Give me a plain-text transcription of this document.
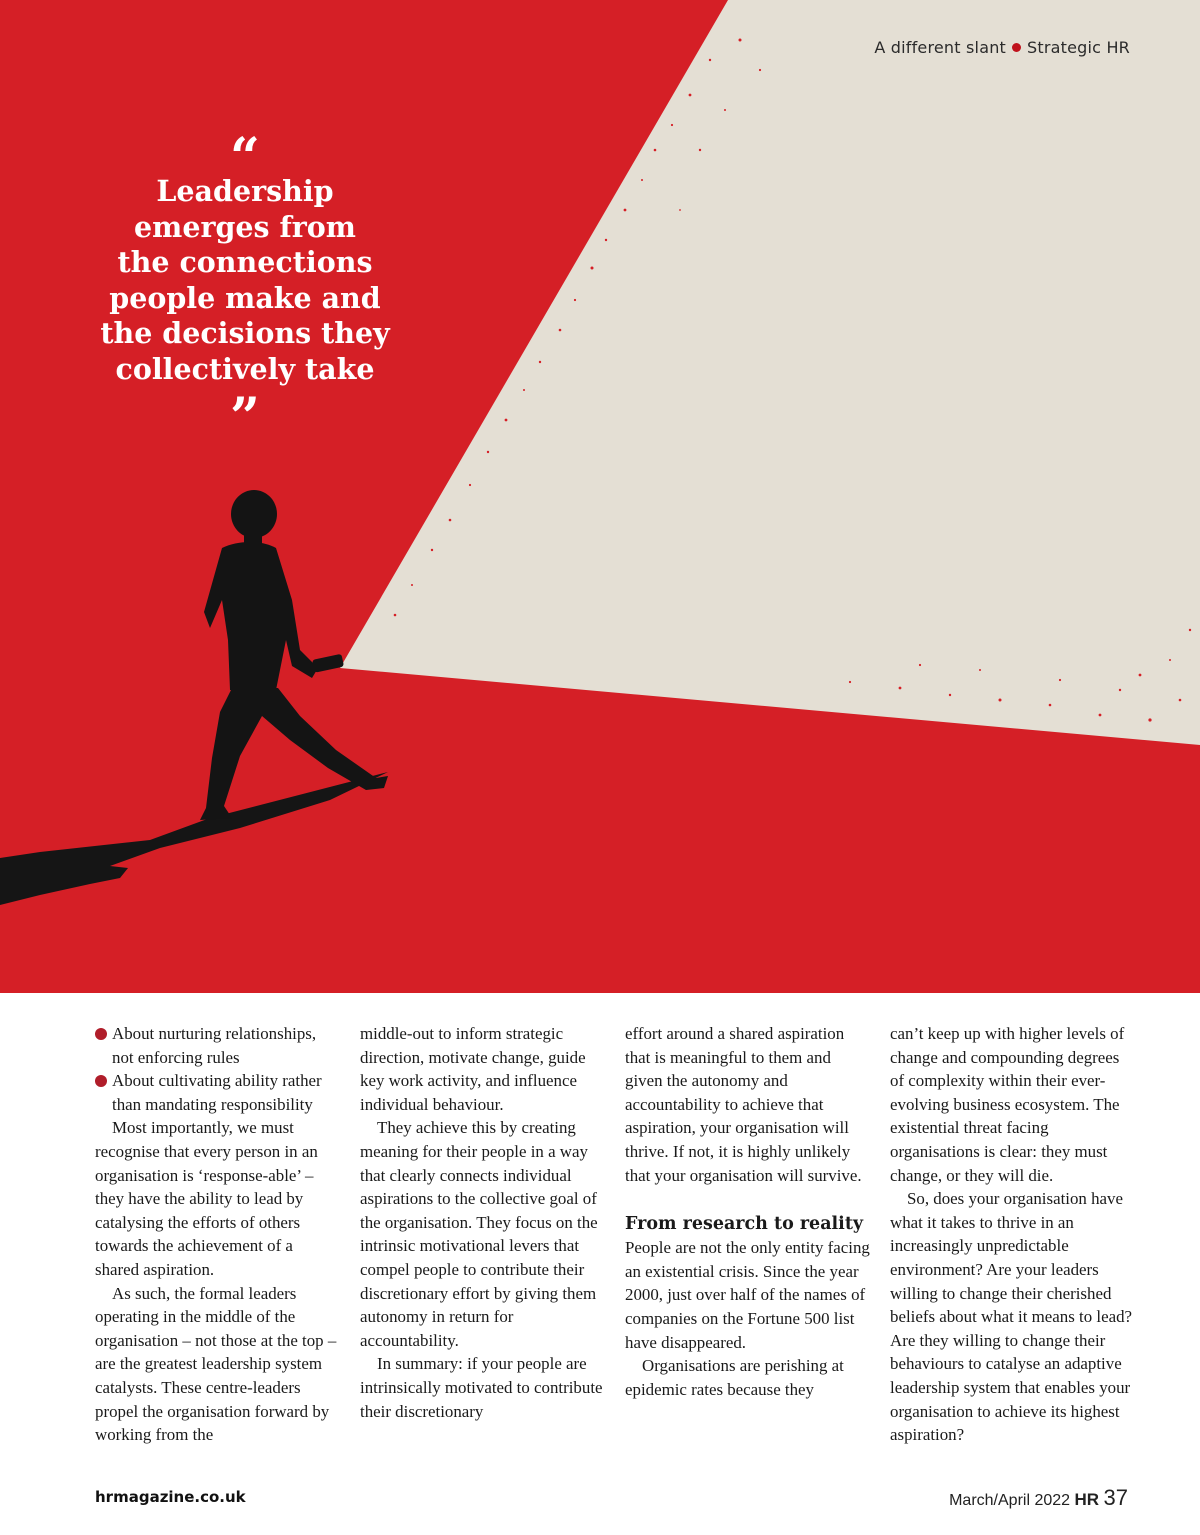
A different slant Strategic HR
“
Leadership
emerges from
the connections
people make and
the decisions they
collectively take
”

About nurturing relationships, not enforcing rules

About cultivating ability rather than mandating responsibility

Most importantly, we must recognise that every person in an organisation is ‘response-able’ – they have the ability to lead by catalysing the efforts of others towards the achievement of a shared aspiration.

As such, the formal leaders operating in the middle of the organisation – not those at the top – are the greatest leadership system catalysts. These centre-leaders propel the organisation forward by working from the

middle-out to inform strategic direction, motivate change, guide key work activity, and influence individual behaviour.

They achieve this by creating meaning for their people in a way that clearly connects individual aspirations to the collective goal of the organisation. They focus on the intrinsic motivational levers that compel people to contribute their discretionary effort by giving them autonomy in return for accountability.

In summary: if your people are intrinsically motivated to contribute their discretionary

effort around a shared aspiration that is meaningful to them and given the autonomy and accountability to achieve that aspiration, your organisation will thrive. If not, it is highly unlikely that your organisation will survive.

From research to reality

People are not the only entity facing an existential crisis. Since the year 2000, just over half of the names of companies on the Fortune 500 list have disappeared.

Organisations are perishing at epidemic rates because they

can’t keep up with higher levels of change and compounding degrees of complexity within their ever-evolving business ecosystem. The existential threat facing organisations is clear: they must change, or they will die.

So, does your organisation have what it takes to thrive in an increasingly unpredictable environment? Are your leaders willing to change their cherished beliefs about what it means to lead? Are they willing to change their behaviours to catalyse an adaptive leadership system that enables your organisation to achieve its highest aspiration?

hrmagazine.co.uk	March/April 2022 HR 37
